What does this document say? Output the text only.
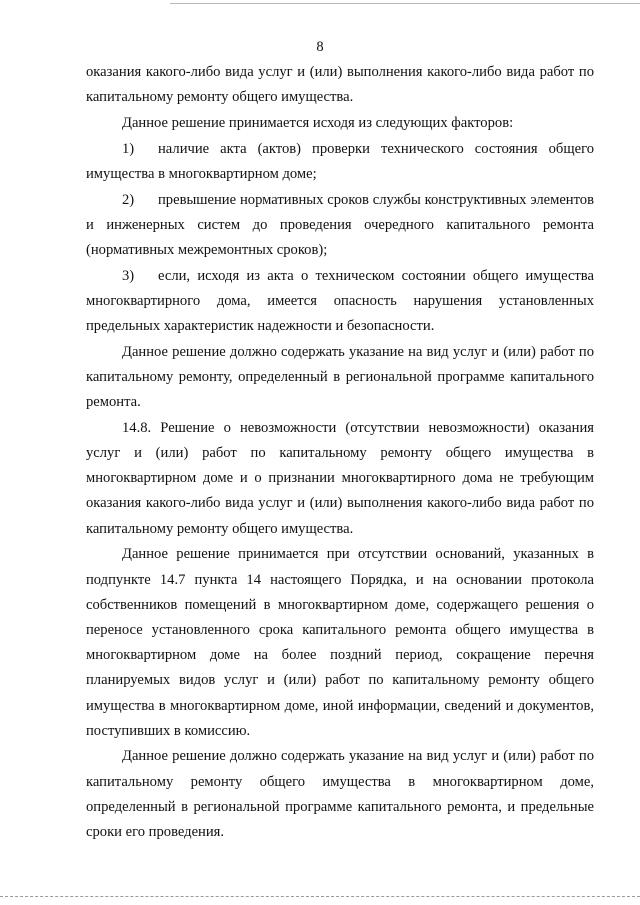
8

оказания какого-либо вида услуг и (или) выполнения какого-либо вида работ по капитальному ремонту общего имущества.

Данное решение принимается исходя из следующих факторов:

1) наличие акта (актов) проверки технического состояния общего имущества в многоквартирном доме;

2) превышение нормативных сроков службы конструктивных элементов и инженерных систем до проведения очередного капитального ремонта (нормативных межремонтных сроков);

3) если, исходя из акта о техническом состоянии общего имущества многоквартирного дома, имеется опасность нарушения установленных предельных характеристик надежности и безопасности.

Данное решение должно содержать указание на вид услуг и (или) работ по капитальному ремонту, определенный в региональной программе капитального ремонта.

14.8. Решение о невозможности (отсутствии невозможности) оказания услуг и (или) работ по капитальному ремонту общего имущества в многоквартирном доме и о признании многоквартирного дома не требующим оказания какого-либо вида услуг и (или) выполнения какого-либо вида работ по капитальному ремонту общего имущества.

Данное решение принимается при отсутствии оснований, указанных в подпункте 14.7 пункта 14 настоящего Порядка, и на основании протокола собственников помещений в многоквартирном доме, содержащего решения о переносе установленного срока капитального ремонта общего имущества в многоквартирном доме на более поздний период, сокращение перечня планируемых видов услуг и (или) работ по капитальному ремонту общего имущества в многоквартирном доме, иной информации, сведений и документов, поступивших в комиссию.

Данное решение должно содержать указание на вид услуг и (или) работ по капитальному ремонту общего имущества в многоквартирном доме, определенный в региональной программе капитального ремонта, и предельные сроки его проведения.
